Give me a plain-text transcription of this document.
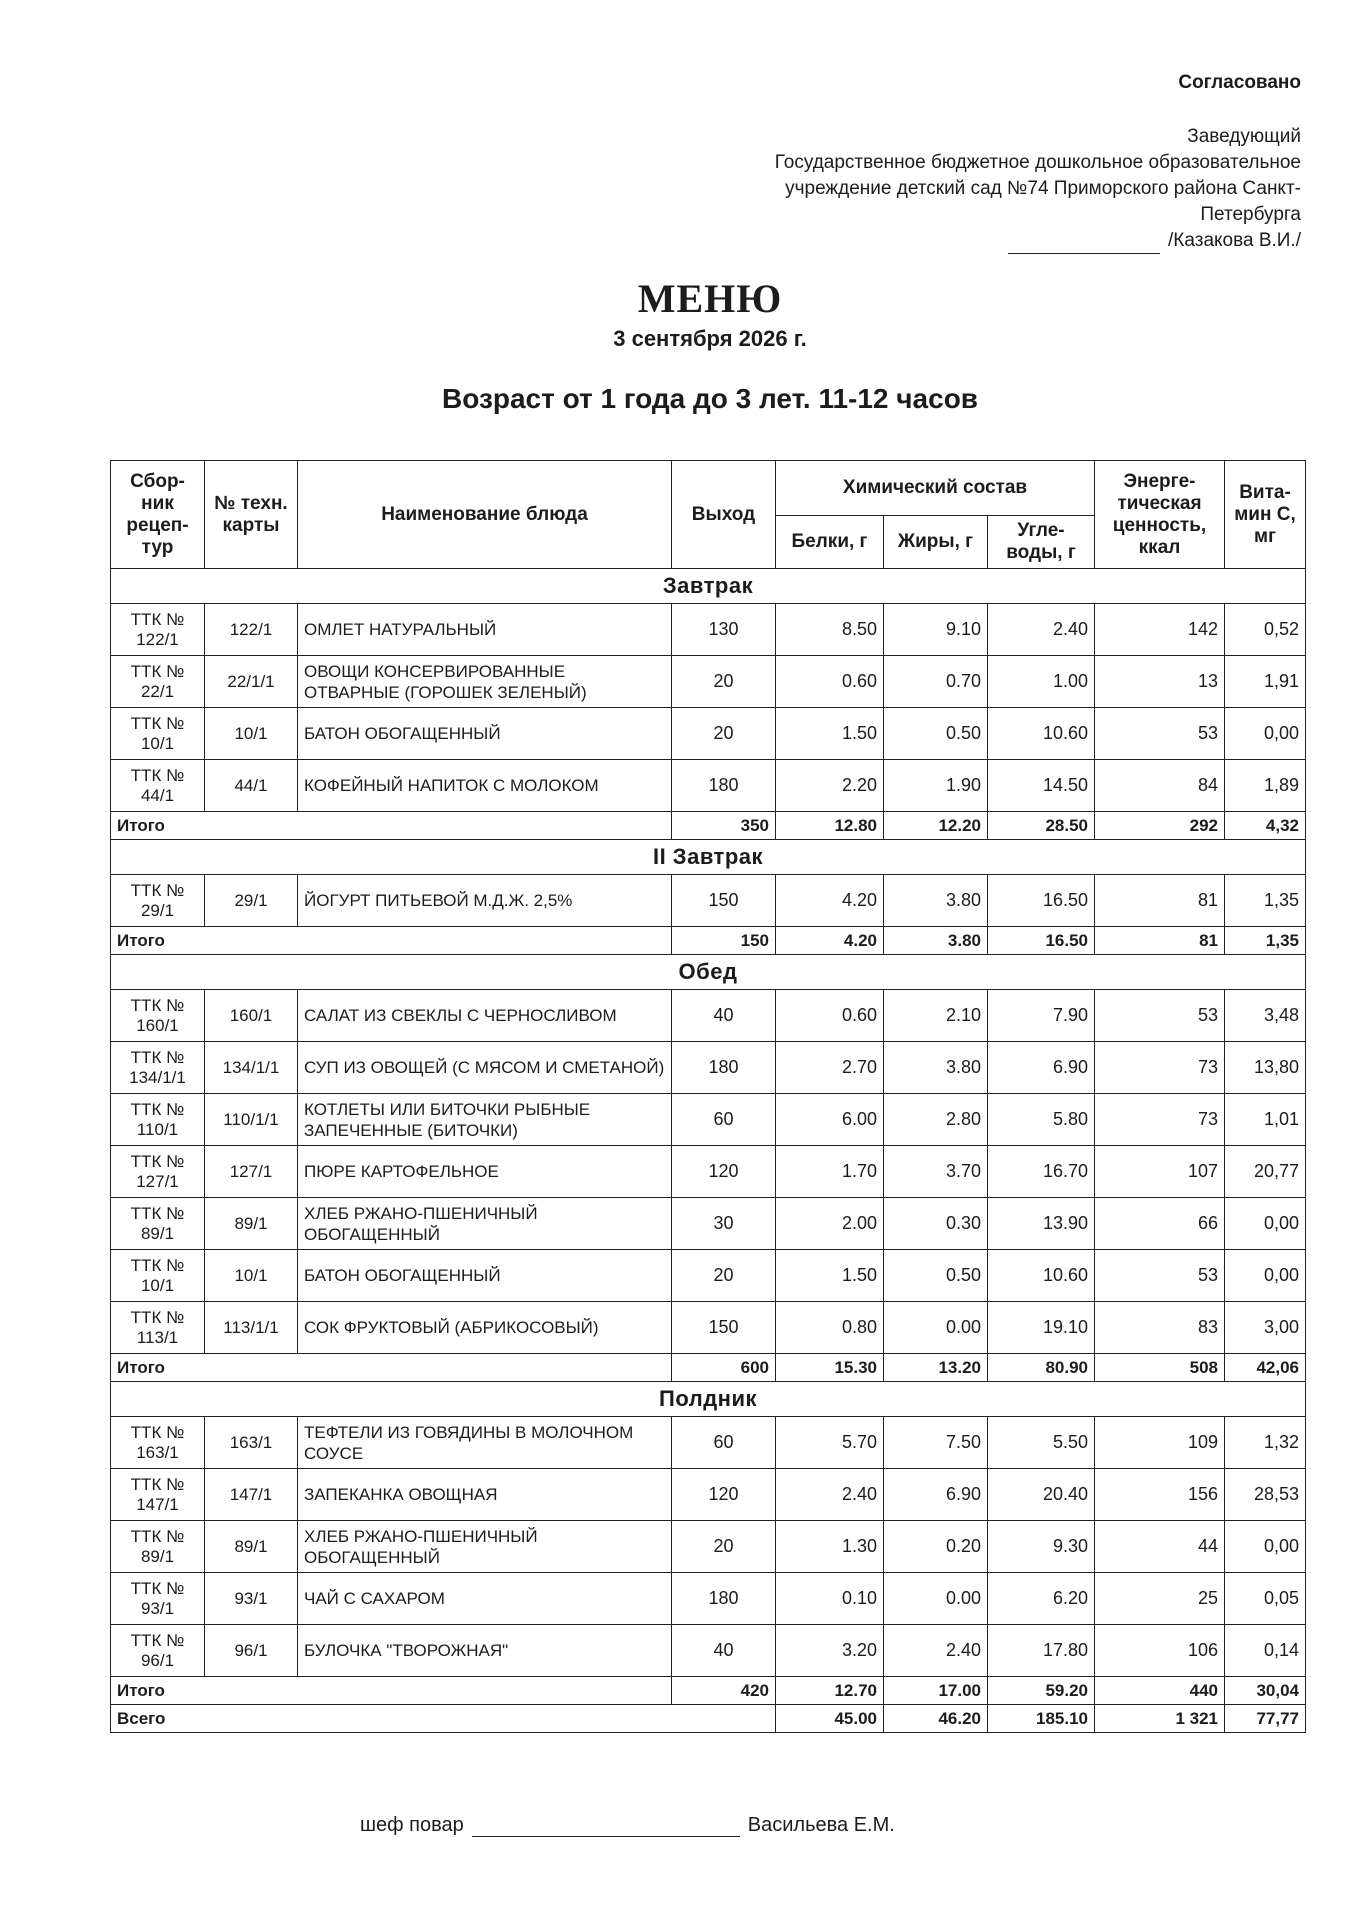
Согласовано
Заведующий
Государственное бюджетное дошкольное образовательное
учреждение детский сад №74 Приморского района Санкт-
Петербурга
/Казакова В.И./
МЕНЮ
3 сентября 2026 г.
Возраст от 1 года до 3 лет. 11-12 часов
Сбор-ник рецеп-тур	№ техн. карты	Наименование блюда	Выход	Химический состав			Энерге-тическая ценность, ккал	Вита-мин С, мг
				Белки, г	Жиры, г	Угле-воды, г		
Завтрак								
ТТК № 122/1	122/1	ОМЛЕТ НАТУРАЛЬНЫЙ	130	8.50	9.10	2.40	142	0,52
ТТК № 22/1	22/1/1	ОВОЩИ КОНСЕРВИРОВАННЫЕ ОТВАРНЫЕ (ГОРОШЕК ЗЕЛЕНЫЙ)	20	0.60	0.70	1.00	13	1,91
ТТК № 10/1	10/1	БАТОН ОБОГАЩЕННЫЙ	20	1.50	0.50	10.60	53	0,00
ТТК № 44/1	44/1	КОФЕЙНЫЙ НАПИТОК С МОЛОКОМ	180	2.20	1.90	14.50	84	1,89
Итого			350	12.80	12.20	28.50	292	4,32
II Завтрак								
ТТК № 29/1	29/1	ЙОГУРТ ПИТЬЕВОЙ М.Д.Ж. 2,5%	150	4.20	3.80	16.50	81	1,35
Итого			150	4.20	3.80	16.50	81	1,35
Обед								
ТТК № 160/1	160/1	САЛАТ ИЗ СВЕКЛЫ С ЧЕРНОСЛИВОМ	40	0.60	2.10	7.90	53	3,48
ТТК № 134/1/1	134/1/1	СУП ИЗ ОВОЩЕЙ (С МЯСОМ И СМЕТАНОЙ)	180	2.70	3.80	6.90	73	13,80
ТТК № 110/1	110/1/1	КОТЛЕТЫ ИЛИ БИТОЧКИ РЫБНЫЕ ЗАПЕЧЕННЫЕ (БИТОЧКИ)	60	6.00	2.80	5.80	73	1,01
ТТК № 127/1	127/1	ПЮРЕ КАРТОФЕЛЬНОЕ	120	1.70	3.70	16.70	107	20,77
ТТК № 89/1	89/1	ХЛЕБ РЖАНО-ПШЕНИЧНЫЙ ОБОГАЩЕННЫЙ	30	2.00	0.30	13.90	66	0,00
ТТК № 10/1	10/1	БАТОН ОБОГАЩЕННЫЙ	20	1.50	0.50	10.60	53	0,00
ТТК № 113/1	113/1/1	СОК ФРУКТОВЫЙ (АБРИКОСОВЫЙ)	150	0.80	0.00	19.10	83	3,00
Итого			600	15.30	13.20	80.90	508	42,06
Полдник								
ТТК № 163/1	163/1	ТЕФТЕЛИ ИЗ ГОВЯДИНЫ В МОЛОЧНОМ СОУСЕ	60	5.70	7.50	5.50	109	1,32
ТТК № 147/1	147/1	ЗАПЕКАНКА ОВОЩНАЯ	120	2.40	6.90	20.40	156	28,53
ТТК № 89/1	89/1	ХЛЕБ РЖАНО-ПШЕНИЧНЫЙ ОБОГАЩЕННЫЙ	20	1.30	0.20	9.30	44	0,00
ТТК № 93/1	93/1	ЧАЙ С САХАРОМ	180	0.10	0.00	6.20	25	0,05
ТТК № 96/1	96/1	БУЛОЧКА "ТВОРОЖНАЯ"	40	3.20	2.40	17.80	106	0,14
Итого			420	12.70	17.00	59.20	440	30,04
Всего				45.00	46.20	185.10	1 321	77,77
шеф повар	Васильева Е.М.
